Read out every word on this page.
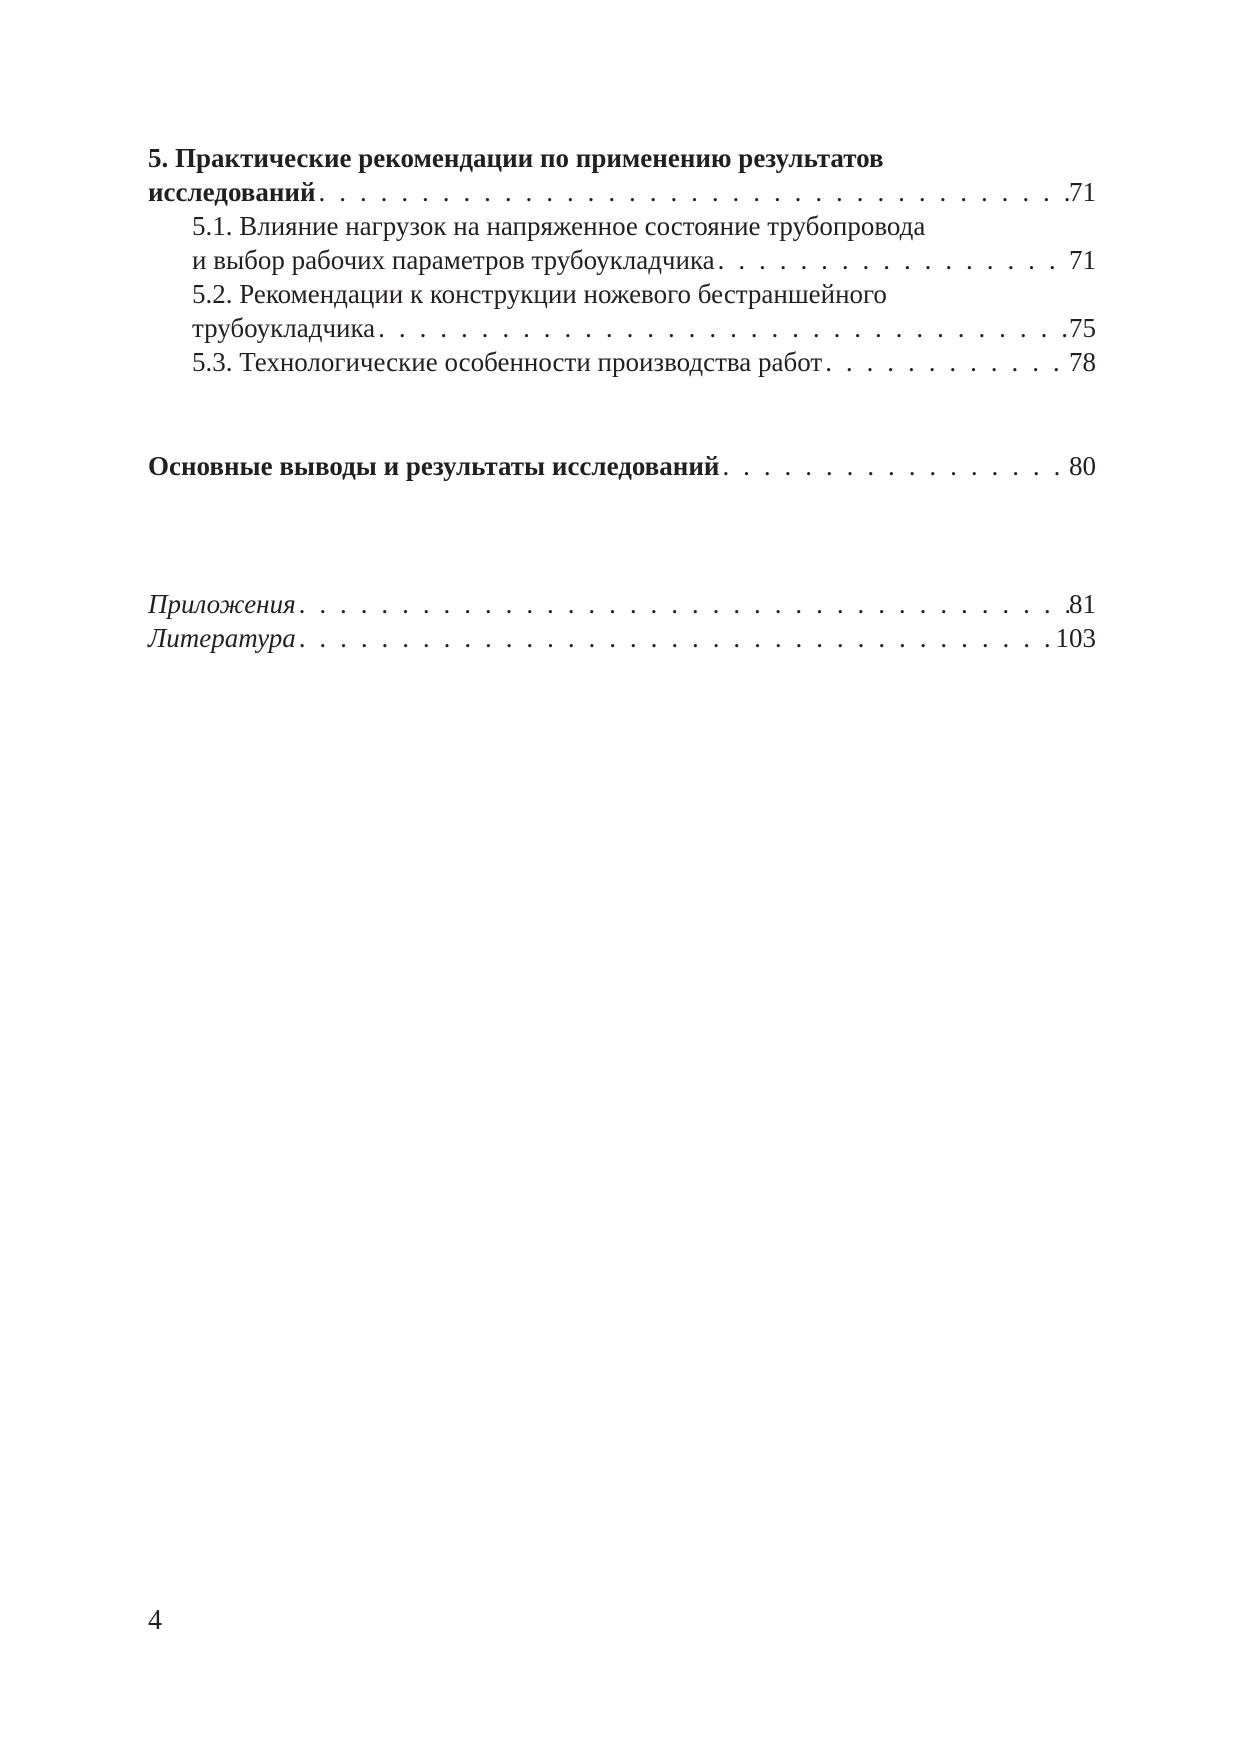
5. Практические рекомендации по применению результатов
исследований . . .	71
5.1. Влияние нагрузок на напряженное состояние трубопровода
и выбор рабочих параметров трубоукладчика . . .	71
5.2. Рекомендации к конструкции ножевого бестраншейного
трубоукладчика . . .	75
5.3. Технологические особенности производства работ . . .	78
Основные выводы и результаты исследований . . .	80
Приложения . . .	81
Литература . . .	103
4
